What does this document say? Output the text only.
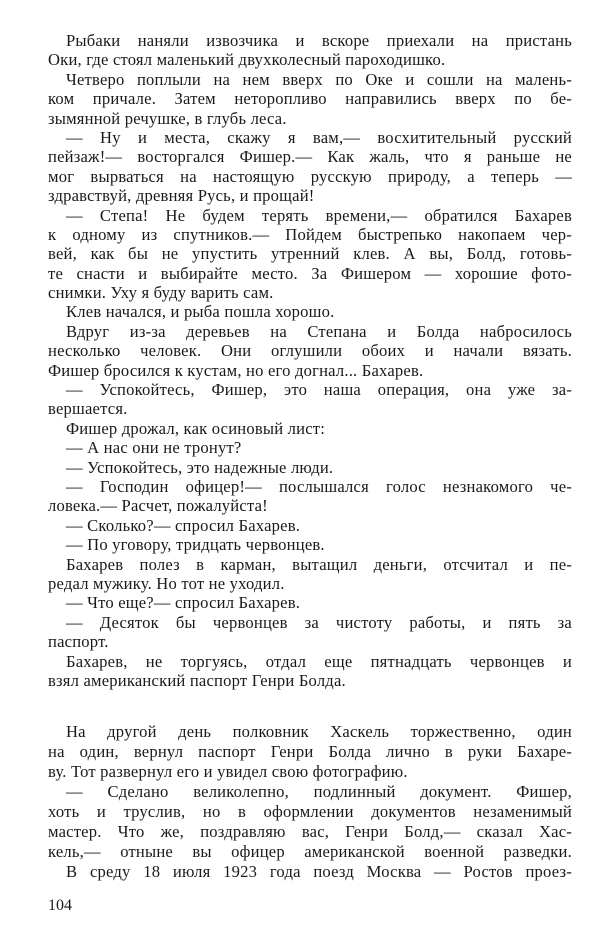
Рыбаки наняли извозчика и вскоре приехали на пристань
Оки, где стоял маленький двухколесный пароходишко.
Четверо поплыли на нем вверх по Оке и сошли на малень-
ком причале. Затем неторопливо направились вверх по бе-
зымянной речушке, в глубь леса.
— Ну и места, скажу я вам,— восхитительный русский
пейзаж!— восторгался Фишер.— Как жаль, что я раньше не
мог вырваться на настоящую русскую природу, а теперь —
здравствуй, древняя Русь, и прощай!
— Степа! Не будем терять времени,— обратился Бахарев
к одному из спутников.— Пойдем быстрепько накопаем чер-
вей, как бы не упустить утренний клев. А вы, Болд, готовь-
те снасти и выбирайте место. За Фишером — хорошие фото-
снимки. Уху я буду варить сам.
Клев начался, и рыба пошла хорошо.
Вдруг из-за деревьев на Степана и Болда набросилось
несколько человек. Они оглушили обоих и начали вязать.
Фишер бросился к кустам, но его догнал... Бахарев.
— Успокойтесь, Фишер, это наша операция, она уже за-
вершается.
Фишер дрожал, как осиновый лист:
— А нас они не тронут?
— Успокойтесь, это надежные люди.
— Господин офицер!— послышался голос незнакомого че-
ловека.— Расчет, пожалуйста!
— Сколько?— спросил Бахарев.
— По уговору, тридцать червонцев.
Бахарев полез в карман, вытащил деньги, отсчитал и пе-
редал мужику. Но тот не уходил.
— Что еще?— спросил Бахарев.
— Десяток бы червонцев за чистоту работы, и пять за
паспорт.
Бахарев, не торгуясь, отдал еще пятнадцать червонцев и
взял американский паспорт Генри Болда.
На другой день полковник Хаскель торжественно, один
на один, вернул паспорт Генри Болда лично в руки Бахаре-
ву. Тот развернул его и увидел свою фотографию.
— Сделано великолепно, подлинный документ. Фишер,
хоть и труслив, но в оформлении документов незаменимый
мастер. Что же, поздравляю вас, Генри Болд,— сказал Хас-
кель,— отныне вы офицер американской военной разведки.
В среду 18 июля 1923 года поезд Москва — Ростов проез-
104
